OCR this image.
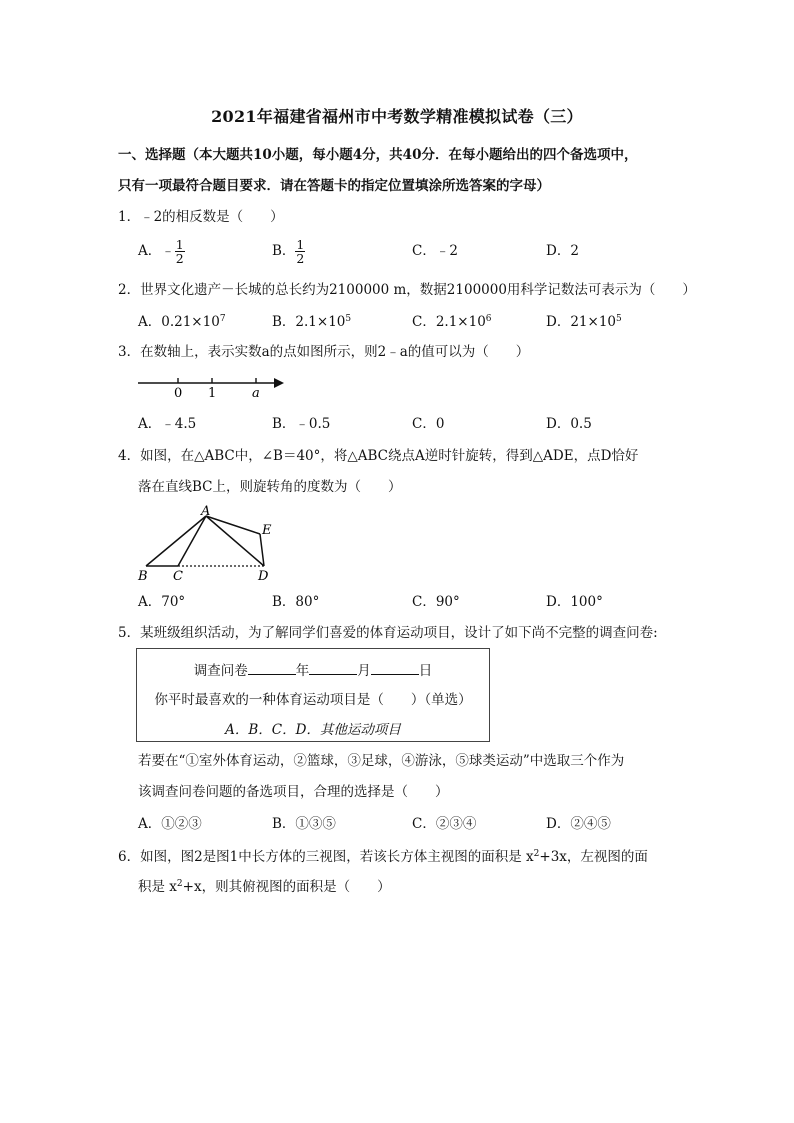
2021年福建省福州市中考数学精准模拟试卷（三）
一、选择题（本大题共10小题，每小题4分，共40分．在每小题给出的四个备选项中，
只有一项最符合题目要求．请在答题卡的指定位置填涂所选答案的字母）
1．﹣2的相反数是（　　）
A．﹣ $\frac{1}{2}$	B． $\frac{1}{2}$	C．﹣2	D．2
2．世界文化遗产－长城的总长约为2100000 m，数据2100000用科学记数法可表示为（　　）
A．$0.21\times 10^7$	B．$2.1\times 10^5$	C．$2.1\times 10^6$	D．$21\times 10^5$
3．在数轴上，表示实数a的点如图所示，则2﹣a的值可以为（　　）
0 1	a
A．﹣4.5	B．﹣0.5	C．0	D．0.5
4．如图，在△ABC中，∠B＝40°，将△ABC绕点A逆时针旋转，得到△ADE，点D恰好
落在直线BC上，则旋转角的度数为（　　）
A
B C	D
E
A．70°	B．80°	C．90°	D．100°
5．某班级组织活动，为了解同学们喜爱的体育运动项目，设计了如下尚不完整的调查问卷:
调查问卷	年	月	日
你平时最喜欢的一种体育运动项目是（　　）（单选）
A．B．C．D．其他运动项目
若要在“①室外体育运动，②篮球，③足球，④游泳，⑤球类运动”中选取三个作为
该调查问卷问题的备选项目，合理的选择是（　　）
A．①②③	B．①③⑤	C．②③④	D．②④⑤
6．如图，图2是图1中长方体的三视图，若该长方体主视图的面积是 $x^2+3x$，左视图的面
积是 $x^2+x$，则其俯视图的面积是（　　）
